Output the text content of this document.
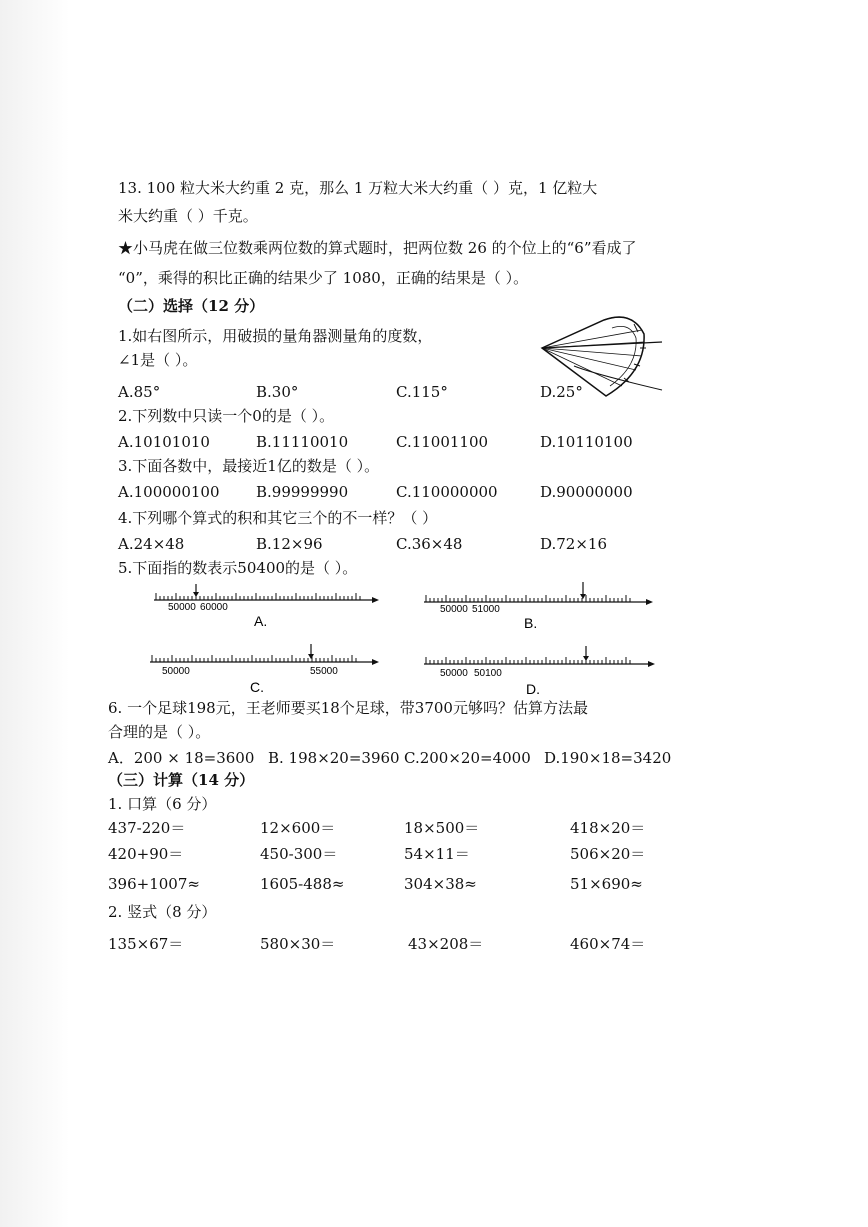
13. 100 粒大米大约重 2 克，那么 1 万粒大米大约重（ ）克，1 亿粒大
米大约重（ ）千克。
★小马虎在做三位数乘两位数的算式题时，把两位数 26 的个位上的“6”看成了
“0”，乘得的积比正确的结果少了 1080，正确的结果是（ ）。
（二）选择（12 分）
1.如右图所示，用破损的量角器测量角的度数，
∠1是（ ）。
A.85°	B.30°	C.115°	D.25°
2.下列数中只读一个0的是（ ）。
A.10101010	B.11110010	C.11001100	D.10110100
3.下面各数中，最接近1亿的数是（ ）。
A.100000100 B.99999990	C.110000000	D.90000000
4.下列哪个算式的积和其它三个的不一样？（ ）
A.24×48	B.12×96	C.36×48	D.72×16
5.下面指的数表示50400的是（ ）。
50000 60000
A.
50000 51000
B.
50000	55000
C.
50000 50100
D.
6. 一个足球198元，王老师要买18个足球，带3700元够吗？估算方法最
合理的是（ ）。
A．200 × 18=3600 B. 198×20=3960 C.200×20=4000 D.190×18=3420
（三）计算（14 分）
1. 口算（6 分）
437-220＝	12×600＝	18×500＝	418×20＝
420+90＝	450-300＝	54×11＝	506×20＝
396+1007≈	1605-488≈	304×38≈	51×690≈
2. 竖式（8 分）
135×67＝	580×30＝	43×208＝	460×74＝
